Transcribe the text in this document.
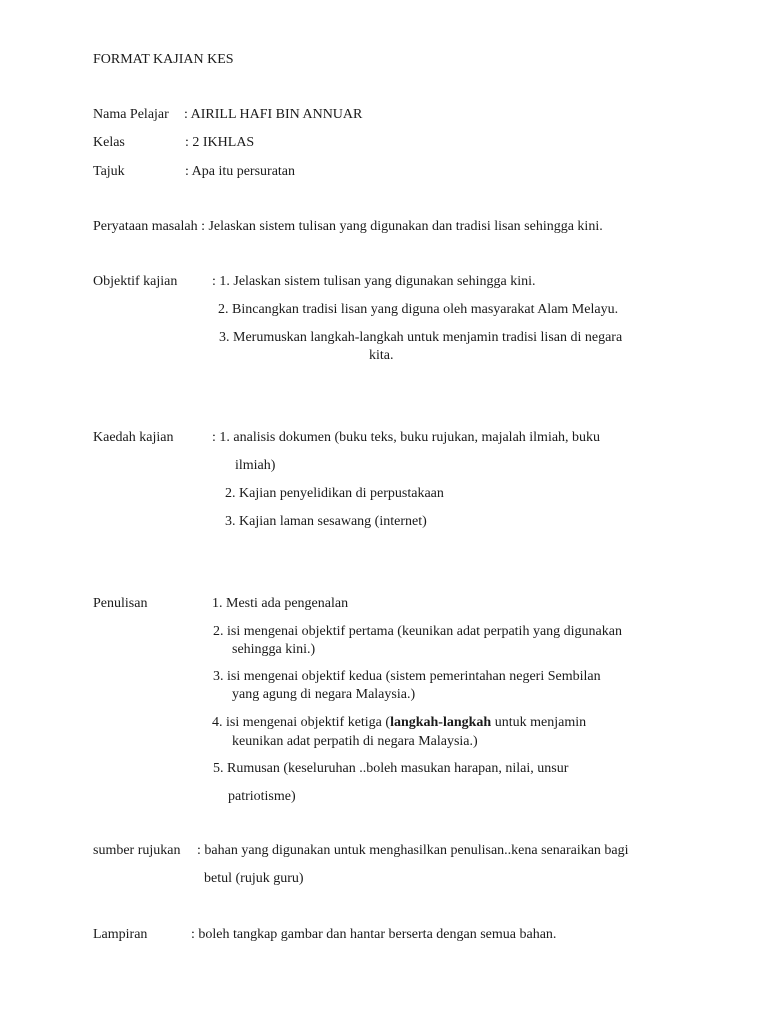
FORMAT KAJIAN KES
Nama Pelajar : AIRILL HAFI BIN ANNUAR
Kelas	: 2 IKHLAS
Tajuk	: Apa itu persuratan
Peryataan masalah : Jelaskan sistem tulisan yang digunakan dan tradisi lisan sehingga kini.
Objektif kajian : 1. Jelaskan sistem tulisan yang digunakan sehingga kini.
2. Bincangkan tradisi lisan yang diguna oleh masyarakat Alam Melayu.
3. Merumuskan langkah-langkah untuk menjamin tradisi lisan di negara
kita.
Kaedah kajian	: 1. analisis dokumen (buku teks, buku rujukan, majalah ilmiah, buku
ilmiah)
2. Kajian penyelidikan di perpustakaan
3. Kajian laman sesawang (internet)
Penulisan	1. Mesti ada pengenalan
2. isi mengenai objektif pertama (keunikan adat perpatih yang digunakan
sehingga kini.)
3. isi mengenai objektif kedua (sistem pemerintahan negeri Sembilan
yang agung di negara Malaysia.)
4. isi mengenai objektif ketiga (langkah-langkah untuk menjamin
keunikan adat perpatih di negara Malaysia.)
5. Rumusan (keseluruhan ..boleh masukan harapan, nilai, unsur
patriotisme)
sumber rujukan : bahan yang digunakan untuk menghasilkan penulisan..kena senaraikan bagi
betul (rujuk guru)
Lampiran	: boleh tangkap gambar dan hantar berserta dengan semua bahan.
